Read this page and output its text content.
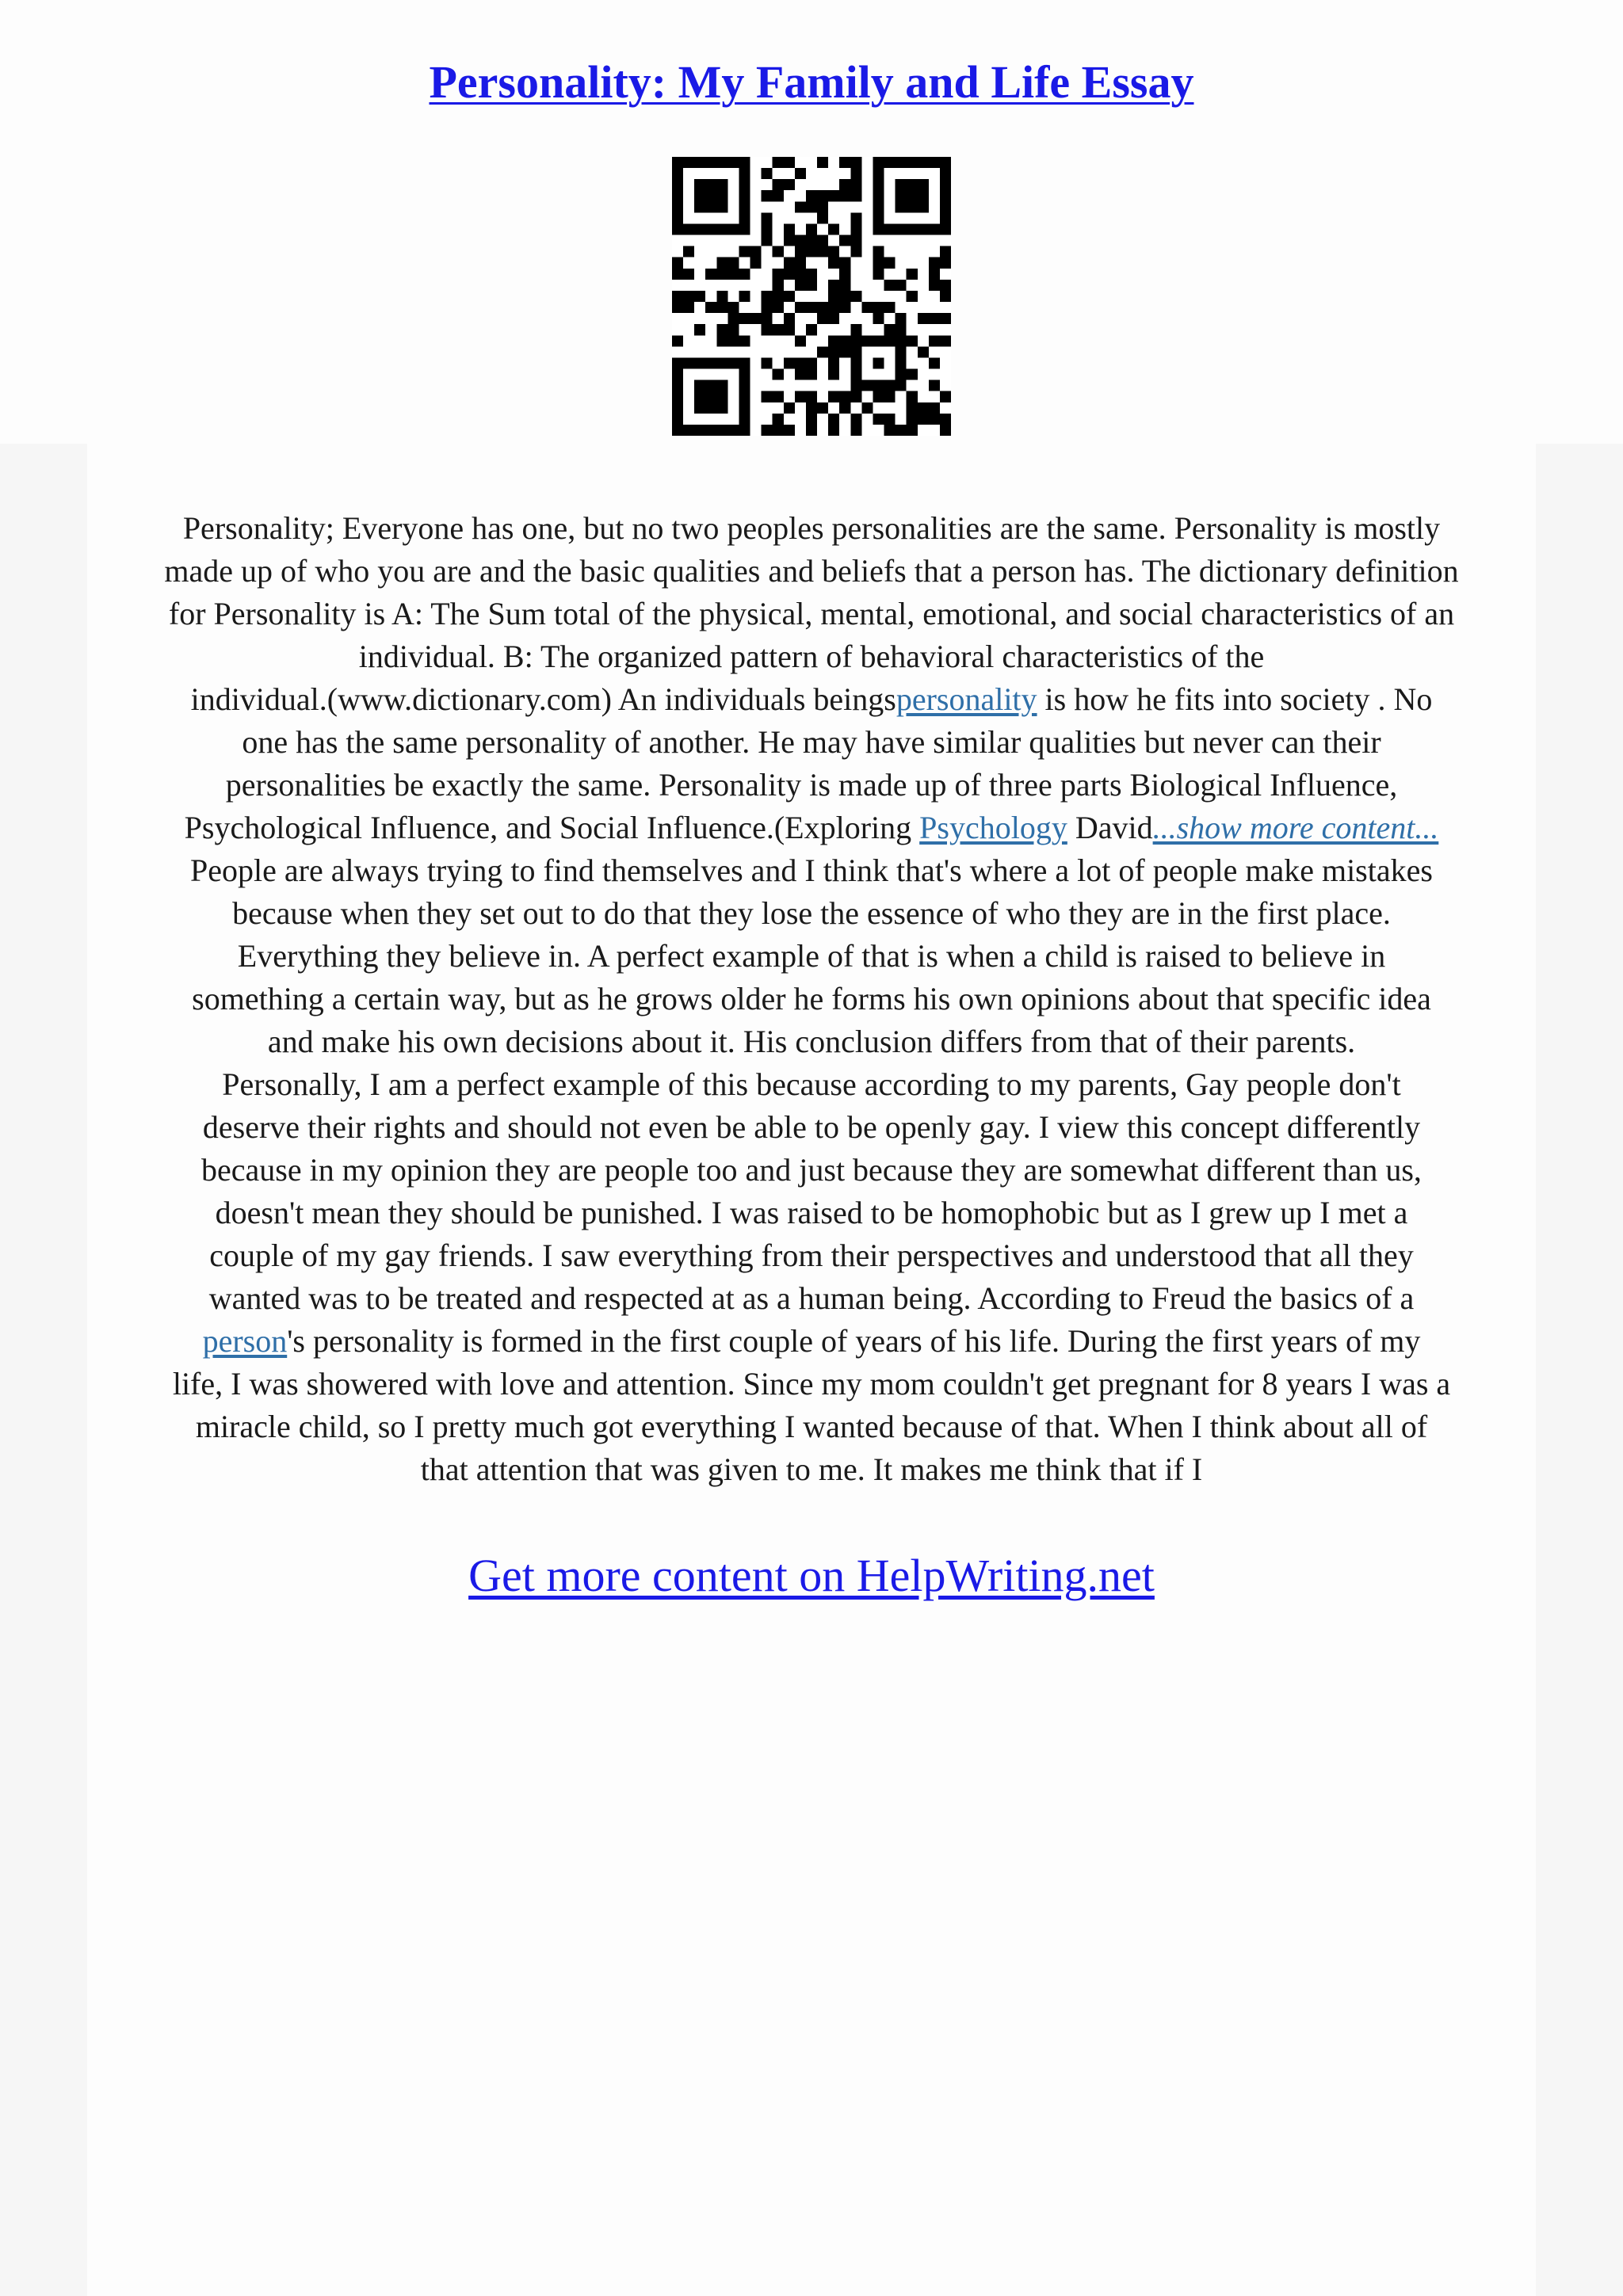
Personality: My Family and Life Essay
Personality; Everyone has one, but no two peoples personalities are the same. Personality is mostly
made up of who you are and the basic qualities and beliefs that a person has. The dictionary definition
for Personality is A: The Sum total of the physical, mental, emotional, and social characteristics of an
individual. B: The organized pattern of behavioral characteristics of the
individual.(www.dictionary.com) An individuals beingspersonality is how he fits into society . No
one has the same personality of another. He may have similar qualities but never can their
personalities be exactly the same. Personality is made up of three parts Biological Influence,
Psychological Influence, and Social Influence.(Exploring Psychology David...show more content...
People are always trying to find themselves and I think that's where a lot of people make mistakes
because when they set out to do that they lose the essence of who they are in the first place.
Everything they believe in. A perfect example of that is when a child is raised to believe in
something a certain way, but as he grows older he forms his own opinions about that specific idea
and make his own decisions about it. His conclusion differs from that of their parents.
Personally, I am a perfect example of this because according to my parents, Gay people don't
deserve their rights and should not even be able to be openly gay. I view this concept differently
because in my opinion they are people too and just because they are somewhat different than us,
doesn't mean they should be punished. I was raised to be homophobic but as I grew up I met a
couple of my gay friends. I saw everything from their perspectives and understood that all they
wanted was to be treated and respected at as a human being. According to Freud the basics of a
person's personality is formed in the first couple of years of his life. During the first years of my
life, I was showered with love and attention. Since my mom couldn't get pregnant for 8 years I was a
miracle child, so I pretty much got everything I wanted because of that. When I think about all of
that attention that was given to me. It makes me think that if I
Get more content on HelpWriting.net
